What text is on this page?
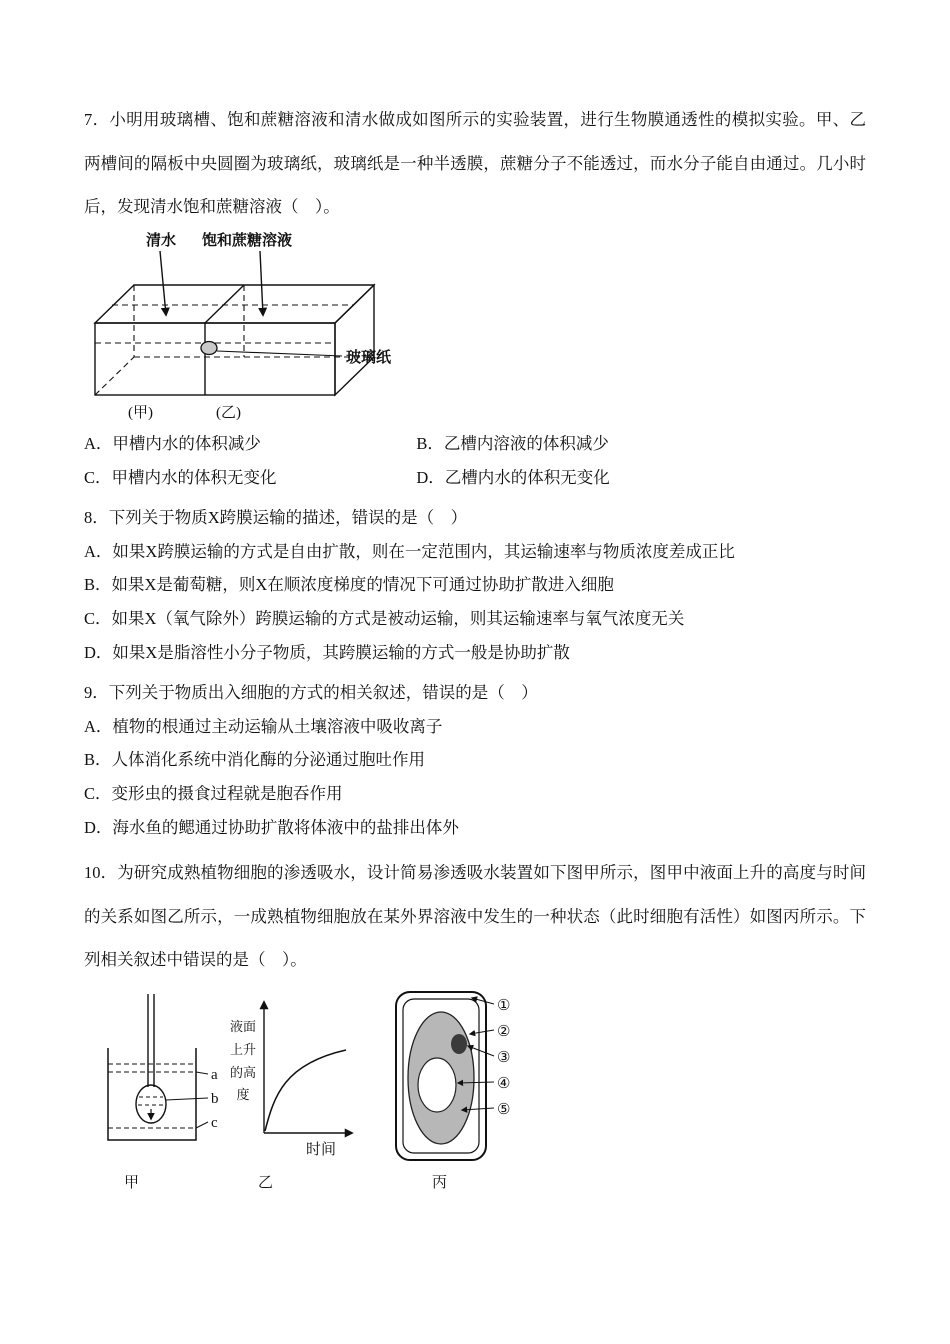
7．小明用玻璃槽、饱和蔗糖溶液和清水做成如图所示的实验装置，进行生物膜通透性的模拟实验。甲、乙两槽间的隔板中央圆圈为玻璃纸，玻璃纸是一种半透膜，蔗糖分子不能透过，而水分子能自由通过。几小时后，发现清水饱和蔗糖溶液（　）。

清水 饱和蔗糖溶液
玻璃纸
(甲)	(乙)
A．甲槽内水的体积减少	B．乙槽内溶液的体积减少
C．甲槽内水的体积无变化	D．乙槽内水的体积无变化

8．下列关于物质X跨膜运输的描述，错误的是（　）

A．如果X跨膜运输的方式是自由扩散，则在一定范围内，其运输速率与物质浓度差成正比

B．如果X是葡萄糖，则X在顺浓度梯度的情况下可通过协助扩散进入细胞

C．如果X（氧气除外）跨膜运输的方式是被动运输，则其运输速率与氧气浓度无关

D．如果X是脂溶性小分子物质，其跨膜运输的方式一般是协助扩散

9．下列关于物质出入细胞的方式的相关叙述，错误的是（　）

A．植物的根通过主动运输从土壤溶液中吸收离子

B．人体消化系统中消化酶的分泌通过胞吐作用

C．变形虫的摄食过程就是胞吞作用

D．海水鱼的鳃通过协助扩散将体液中的盐排出体外

10．为研究成熟植物细胞的渗透吸水，设计简易渗透吸水装置如下图甲所示，图甲中液面上升的高度与时间的关系如图乙所示，一成熟植物细胞放在某外界溶液中发生的一种状态（此时细胞有活性）如图丙所示。下列相关叙述中错误的是（　）。

a
b
c
甲
时间
乙
①
②
③
④
⑤
丙
液面上升的高度
